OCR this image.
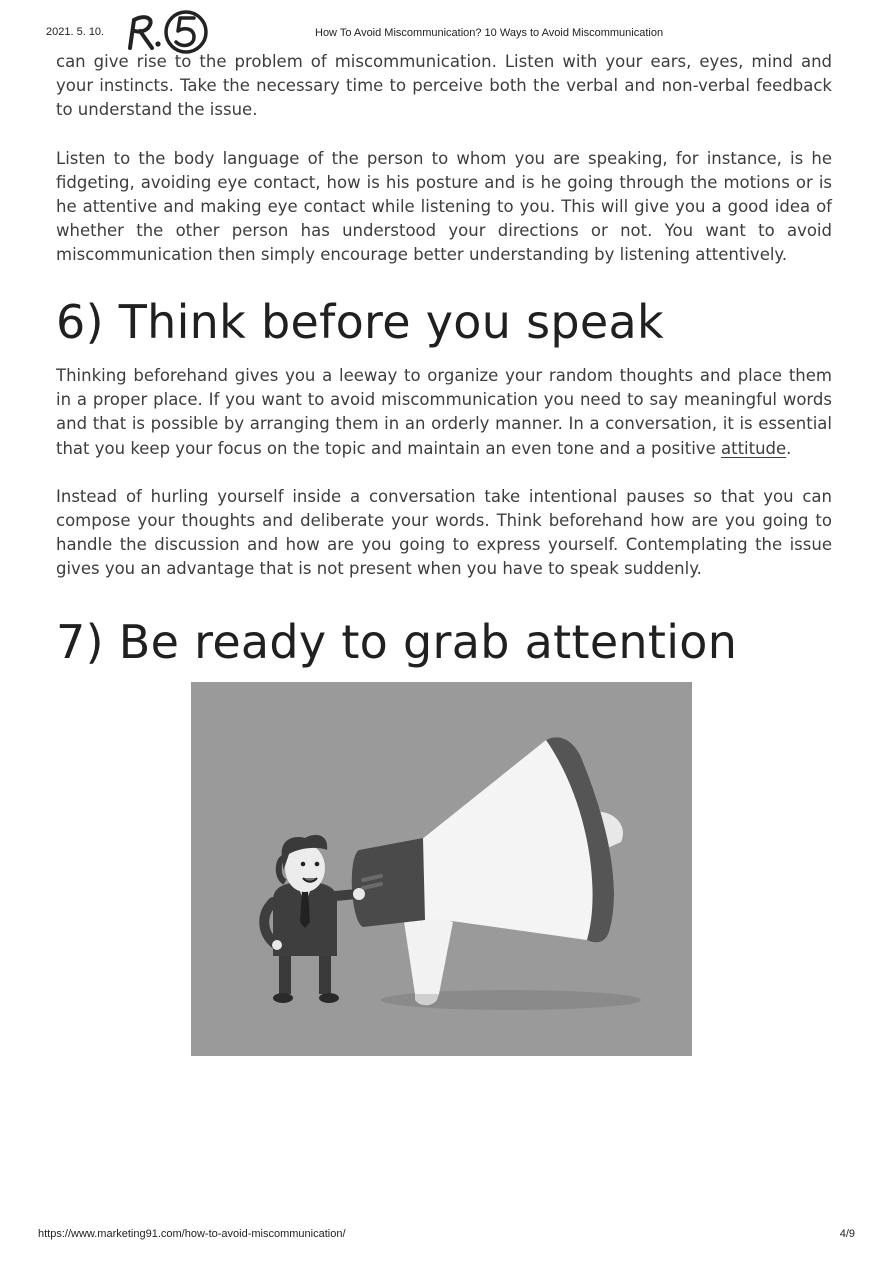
2021. 5. 10.	How To Avoid Miscommunication? 10 Ways to Avoid Miscommunication

can give rise to the problem of miscommunication. Listen with your ears, eyes, mind and your instincts. Take the necessary time to perceive both the verbal and non-verbal feedback to understand the issue.

Listen to the body language of the person to whom you are speaking, for instance, is he fidgeting, avoiding eye contact, how is his posture and is he going through the motions or is he attentive and making eye contact while listening to you. This will give you a good idea of whether the other person has understood your directions or not. You want to avoid miscommunication then simply encourage better understanding by listening attentively.

6) Think before you speak

Thinking beforehand gives you a leeway to organize your random thoughts and place them in a proper place. If you want to avoid miscommunication you need to say meaningful words and that is possible by arranging them in an orderly manner. In a conversation, it is essential that you keep your focus on the topic and maintain an even tone and a positive attitude.

Instead of hurling yourself inside a conversation take intentional pauses so that you can compose your thoughts and deliberate your words. Think beforehand how are you going to handle the discussion and how are you going to express yourself. Contemplating the issue gives you an advantage that is not present when you have to speak suddenly.

7) Be ready to grab attention
https://www.marketing91.com/how-to-avoid-miscommunication/	4/9
